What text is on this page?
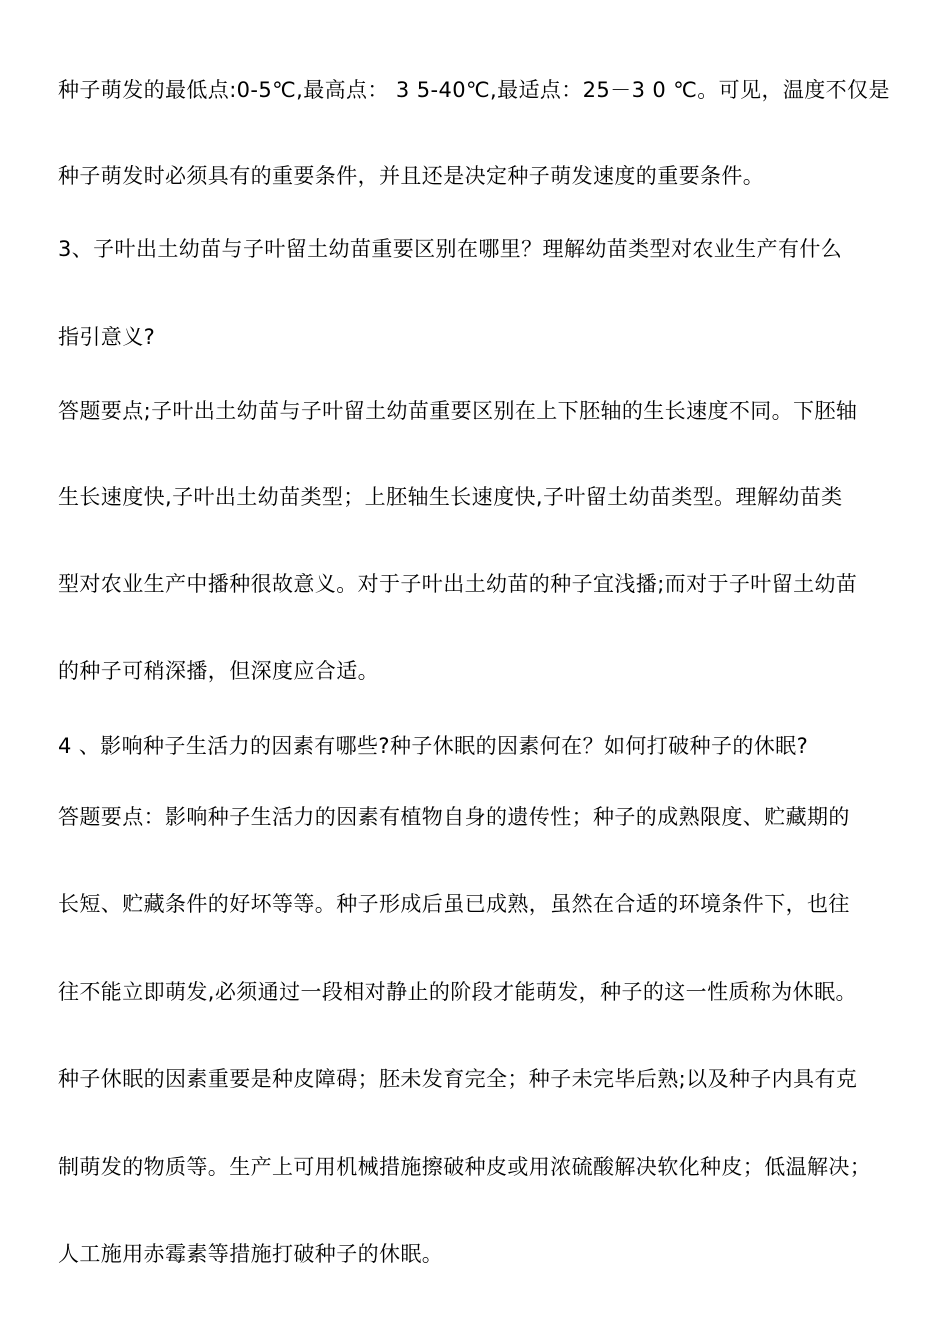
种子萌发的最低点:0-5℃,最高点： 3 5-40℃,最适点：25－3 0 ℃。可见，温度不仅是
种子萌发时必须具有的重要条件，并且还是决定种子萌发速度的重要条件。
3、子叶出土幼苗与子叶留土幼苗重要区别在哪里？理解幼苗类型对农业生产有什么
指引意义?
答题要点;子叶出土幼苗与子叶留土幼苗重要区别在上下胚轴的生长速度不同。下胚轴
生长速度快,子叶出土幼苗类型；上胚轴生长速度快,子叶留土幼苗类型。理解幼苗类
型对农业生产中播种很故意义。对于子叶出土幼苗的种子宜浅播;而对于子叶留土幼苗
的种子可稍深播，但深度应合适。
4 、影响种子生活力的因素有哪些?种子休眠的因素何在？如何打破种子的休眠?
答题要点：影响种子生活力的因素有植物自身的遗传性；种子的成熟限度、贮藏期的
长短、贮藏条件的好坏等等。种子形成后虽已成熟，虽然在合适的环境条件下，也往
往不能立即萌发,必须通过一段相对静止的阶段才能萌发，种子的这一性质称为休眠。
种子休眠的因素重要是种皮障碍；胚未发育完全；种子未完毕后熟;以及种子内具有克
制萌发的物质等。生产上可用机械措施擦破种皮或用浓硫酸解决软化种皮；低温解决；
人工施用赤霉素等措施打破种子的休眠。
